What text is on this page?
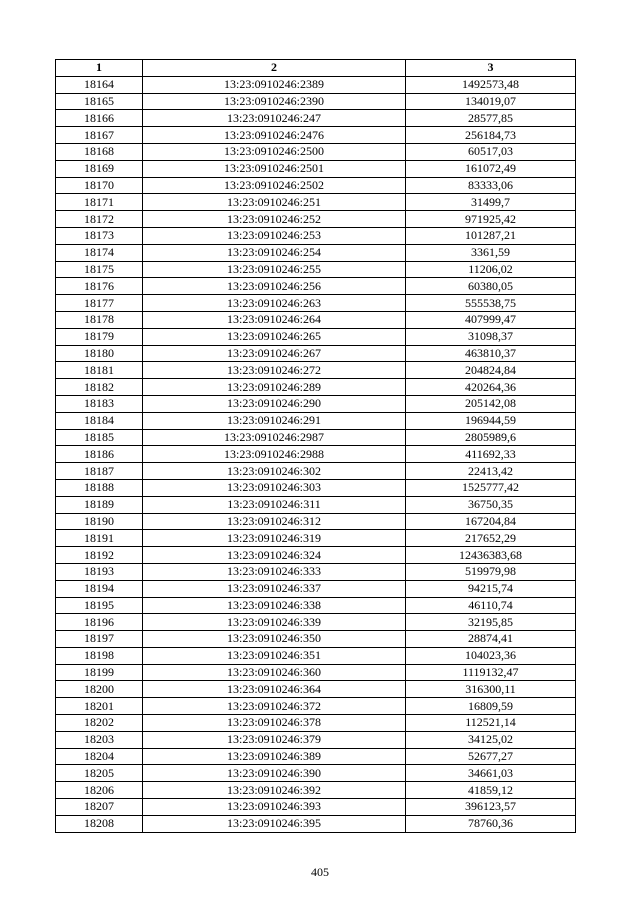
1	2	3
18164	13:23:0910246:2389	1492573,48
18165	13:23:0910246:2390	134019,07
18166	13:23:0910246:247	28577,85
18167	13:23:0910246:2476	256184,73
18168	13:23:0910246:2500	60517,03
18169	13:23:0910246:2501	161072,49
18170	13:23:0910246:2502	83333,06
18171	13:23:0910246:251	31499,7
18172	13:23:0910246:252	971925,42
18173	13:23:0910246:253	101287,21
18174	13:23:0910246:254	3361,59
18175	13:23:0910246:255	11206,02
18176	13:23:0910246:256	60380,05
18177	13:23:0910246:263	555538,75
18178	13:23:0910246:264	407999,47
18179	13:23:0910246:265	31098,37
18180	13:23:0910246:267	463810,37
18181	13:23:0910246:272	204824,84
18182	13:23:0910246:289	420264,36
18183	13:23:0910246:290	205142,08
18184	13:23:0910246:291	196944,59
18185	13:23:0910246:2987	2805989,6
18186	13:23:0910246:2988	411692,33
18187	13:23:0910246:302	22413,42
18188	13:23:0910246:303	1525777,42
18189	13:23:0910246:311	36750,35
18190	13:23:0910246:312	167204,84
18191	13:23:0910246:319	217652,29
18192	13:23:0910246:324	12436383,68
18193	13:23:0910246:333	519979,98
18194	13:23:0910246:337	94215,74
18195	13:23:0910246:338	46110,74
18196	13:23:0910246:339	32195,85
18197	13:23:0910246:350	28874,41
18198	13:23:0910246:351	104023,36
18199	13:23:0910246:360	1119132,47
18200	13:23:0910246:364	316300,11
18201	13:23:0910246:372	16809,59
18202	13:23:0910246:378	112521,14
18203	13:23:0910246:379	34125,02
18204	13:23:0910246:389	52677,27
18205	13:23:0910246:390	34661,03
18206	13:23:0910246:392	41859,12
18207	13:23:0910246:393	396123,57
18208	13:23:0910246:395	78760,36
405
